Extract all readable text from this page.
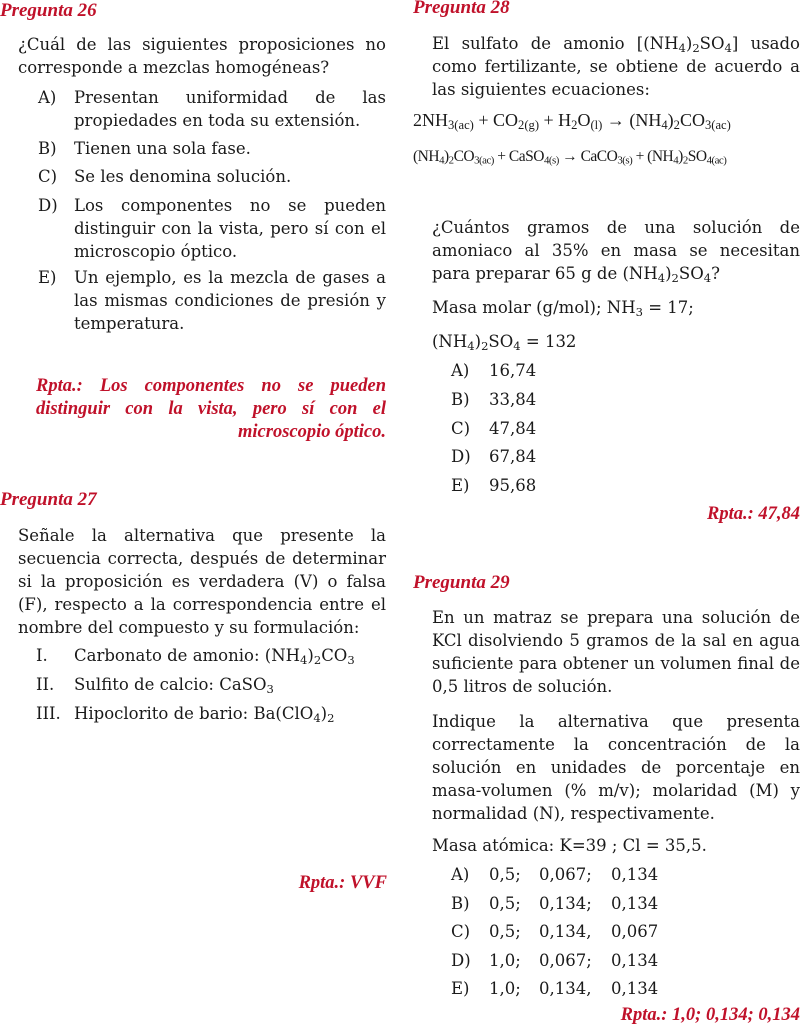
Pregunta 26
¿Cuál de las siguientes proposiciones no corresponde a mezclas homogéneas?
A) Presentan uniformidad de las propiedades en toda su extensión.
B) Tienen una sola fase.
C) Se les denomina solución.
D) Los componentes no se pueden distinguir con la vista, pero sí con el microscopio óptico.
E) Un ejemplo, es la mezcla de gases a las mismas condiciones de presión y temperatura.
Rpta.: Los componentes no se pueden distinguir con la vista, pero sí con el microscopio óptico.
Pregunta 27
Señale la alternativa que presente la secuencia correcta, después de determinar si la proposición es verdadera (V) o falsa (F), respecto a la correspondencia entre el nombre del compuesto y su formulación:
I. Carbonato de amonio: $(NH_4)_2CO_3$
II. Sulfito de calcio: CaSO$_3$
III. Hipoclorito de bario: $Ba(ClO_4)_2$
Rpta.: VVF
Pregunta 28
El sulfato de amonio $[(NH_4)_2SO_4]$ usado como fertilizante, se obtiene de acuerdo a las siguientes ecuaciones:
$2NH_{3(ac)} + CO_{2(g)} + H_2O_{(l)} \to (NH_4)_2CO_{3(ac)}$
$(NH_4)_2CO_{3(ac)}$ + CaSO$_{4(s)}$ → CaCO$_{3(s)}$ + $(NH_4)_2SO_{4(ac)}$
¿Cuántos gramos de una solución de amoniaco al 35% en masa se necesitan para preparar 65 g de $(NH_4)_2SO_4$?
Masa molar (g/mol); $NH_3 = 17$;
$(NH_4)_2SO_4 = 132$
A) 16,74
B) 33,84
C) 47,84
D) 67,84
E) 95,68
Rpta.: 47,84
Pregunta 29
En un matraz se prepara una solución de KCl disolviendo 5 gramos de la sal en agua suficiente para obtener un volumen final de 0,5 litros de solución.
Indique la alternativa que presenta correctamente la concentración de la solución en unidades de porcentaje en masa-volumen (% m/v); molaridad (M) y normalidad (N), respectivamente.
Masa atómica: K=39 ; Cl = 35,5.
A) 0,5; 0,067; 0,134
B) 0,5; 0,134; 0,134
C) 0,5; 0,134, 0,067
D) 1,0; 0,067; 0,134
E) 1,0; 0,134, 0,134
Rpta.: 1,0; 0,134; 0,134
